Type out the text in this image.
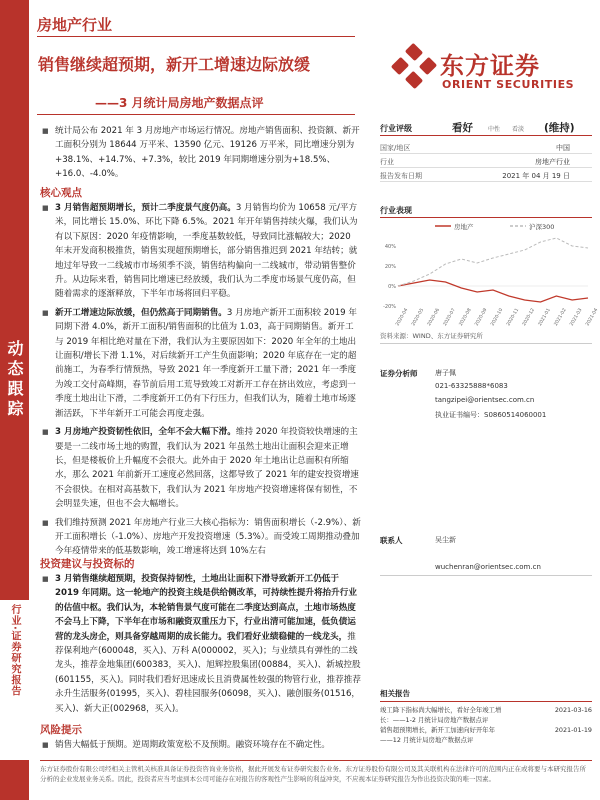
动态跟踪
行业·证券研究报告
房地产行业
销售继续超预期，新开工增速边际放缓
——3 月统计局房地产数据点评
东方证券
ORIENT SECURITIES
■ 统计局公布 2021 年 3 月房地产市场运行情况。房地产销售面积、投资额、新开工面积分别为 18644 万平米、13590 亿元、19126 万平米，同比增速分别为+38.1%、+14.7%、+7.3%，较比 2019 年同期增速分别为+18.5%、+16.0、-4.0%。
核心观点
■ 3 月销售超预期增长，预计二季度景气度仍高。3 月销售均价为 10658 元/平方米，同比增长 15.0%、环比下降 6.5%。2021 年开年销售持续火爆，我们认为有以下原因：2020 年疫情影响，一季度基数较低，导致同比涨幅较大；2020 年末开发商积极推货，销售实现超预期增长，部分销售推迟到 2021 年结转；就地过年导致一二线城市市场须季不淡，销售结构偏向一二线城市，带动销售整价升。从边际来看，销售同比增速已经放缓，我们认为二季度市场景气度仍高，但随着需求的逐渐释放，下半年市场将回归平稳。
■ 新开工增速边际放缓，但仍然高于同期销售。3 月房地产新开工面积较 2019 年同期下滑 4.0%，新开工面积/销售面积的比值为 1.03，高于同期销售。新开工与 2019 年相比绝对量在下滑，我们认为主要原因如下：2020 年全年的土地出让面积/增长下滑 1.1%，对后续新开工产生负面影响；2020 年底存在一定的超前施工，为春季行情预热，导致 2021 年一季度新开工量下滑；2021 年一季度为竣工交付高峰期，春节前后用工荒导致竣工对新开工存在挤出效应，考虑到一季度土地出让下滑，二季度新开工仍有下行压力，但我们认为，随着土地市场逐渐活跃，下半年新开工可能会再度走强。
■ 3 月房地产投资韧性依旧，全年不会大幅下滑。维持 2020 年投资较快增速的主要是一二线市场土地的购置，我们认为 2021 年虽然土地出让面积会迎来正增长，但是楼板价上升幅度不会很大。此外由于 2020 年土地出让总面积有所缩水，那么 2021 年前新开工速度必然回落，这都导致了 2021 年的建安投资增速不会很快。在相对高基数下，我们认为 2021 年房地产投资增速将保有韧性，不会明显失速，但也不会大幅增长。
■ 我们维持预测 2021 年房地产行业三大核心指标为：销售面积增长（-2.9%）、新开工面积增长（-1.0%）、房地产开发投资增速（5.3%）。而受竣工周期推动叠加今年疫情带来的低基数影响，竣工增速将达到 10%左右
投资建议与投资标的
■ 3 月销售继续超预期，投资保持韧性，土地出让面积下滑导致新开工仍低于 2019 年同期。这一轮地产的投资主线是供给侧改革，可持续性提升将抬升行业的估值中枢。我们认为，本轮销售景气度可能在二季度达到高点，土地市场热度不会马上下降，下半年在市场和融资双重压力下，行业出清可能加速，低负债运营的龙头房企，则具备穿越周期的成长能力。我们看好业绩稳健的一线龙头，推荐保利地产(600048，买入)、万科 A(000002，买入)；与业绩具有弹性的二线龙头，推荐金地集团(600383，买入)、旭辉控股集团(00884，买入)、新城控股(601155，买入)。同时我们看好迅速成长且消费属性较强的物管行业，推荐推荐永升生活服务(01995，买入)、碧桂园服务(06098，买入)、融创服务(01516，买入)、新大正(002968，买入)。
风险提示
■ 销售大幅低于预期。逆周期政策宽松不及预期。融资环境存在不确定性。
行业评级	看好	中性 看淡 (维持)
国家/地区	中国
行业	房地产行业
报告发布日期	2021 年 04 月 19 日
行业表现
房地产	沪深300
-20%
0%
20%
40%
2020-04 2020-05 2020-06 2020-07 2020-08 2020-09 2020-10 2020-11 2020-12 2021-01 2021-02 2021-03 2021-04
资料来源：WIND、东方证券研究所
证券分析师	唐子佩
021-63325888*6083
tangzipei@orientsec.com.cn
执业证书编号：S0860514060001
联系人	吴尘新
wuchenran@orientsec.com.cn
相关报告
2021-03-16
竣工降下指标尚大幅增长，看好全年竣工增
长：——1-2 月统计局房地产数据点评
2021-01-19
销售超预期增长，新开工加速向好开年年
——12 月统计局房地产数据点评
东方证券股份有限公司经相关主管机关核准具备证券投资咨询业务资格，据此开展发布证券研究报告业务。东方证券股份有限公司及其关联机构在法律许可的范围内正在或将要与本研究报告所分析的企业发展业务关系。因此，投资者应当考虑到本公司可能存在对报告的客观性产生影响的利益冲突，不应视本证券研究报告为作出投资决策的唯一因素。
